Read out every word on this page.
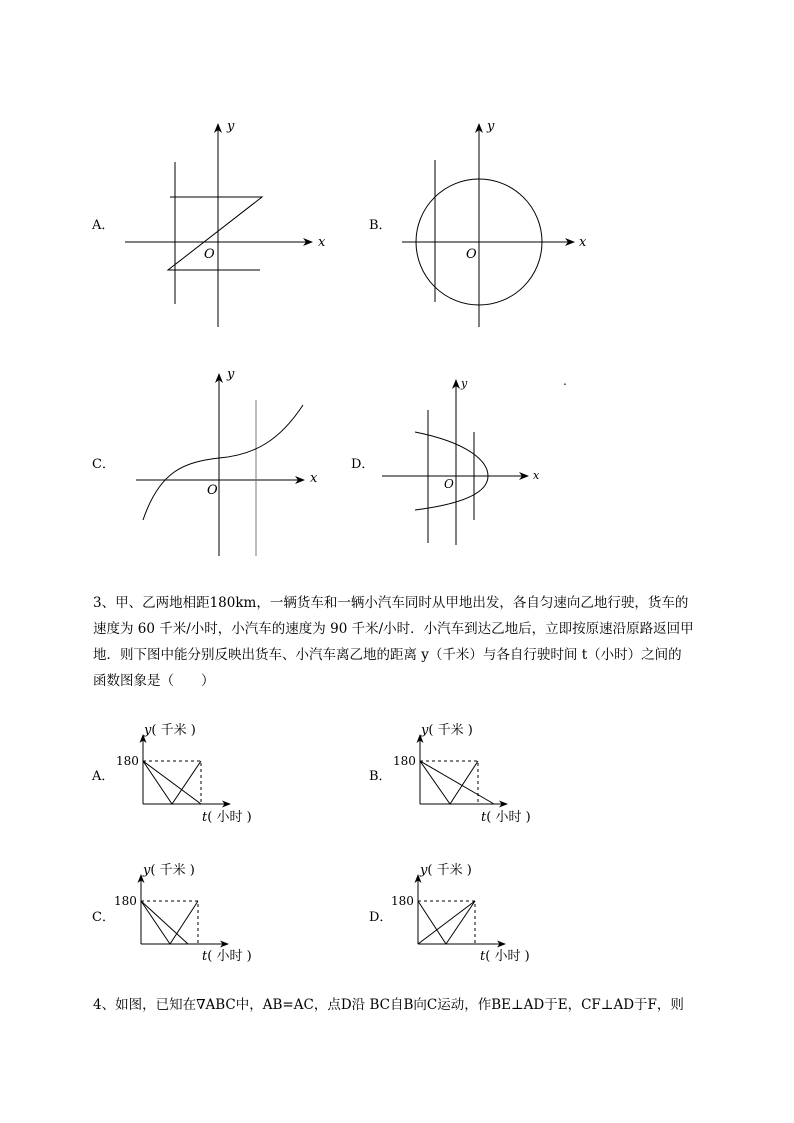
A．	B．
C．	D．
y
x
O
y
x
O
y
x
O
y
x
O
.

3、甲、乙两地相距180km，一辆货车和一辆小汽车同时从甲地出发，各自匀速向乙地行驶，货车的

速度为 60 千米/小时，小汽车的速度为 90 千米/小时．小汽车到达乙地后，立即按原速沿原路返回甲

地．则下图中能分别反映出货车、小汽车离乙地的距离 y（千米）与各自行驶时间 t（小时）之间的

函数图象是（　　）

A．	B．
C．	D．
y( 千米 )
180
t( 小时 )
y( 千米 )
180
t( 小时 )
y( 千米 )
180
t( 小时 )
y( 千米 )
180
t( 小时 )

4、如图，已知在∇ABC中，AB=AC，点D沿 BC自B向C运动，作BE⊥AD于E，CF⊥AD于F，则
